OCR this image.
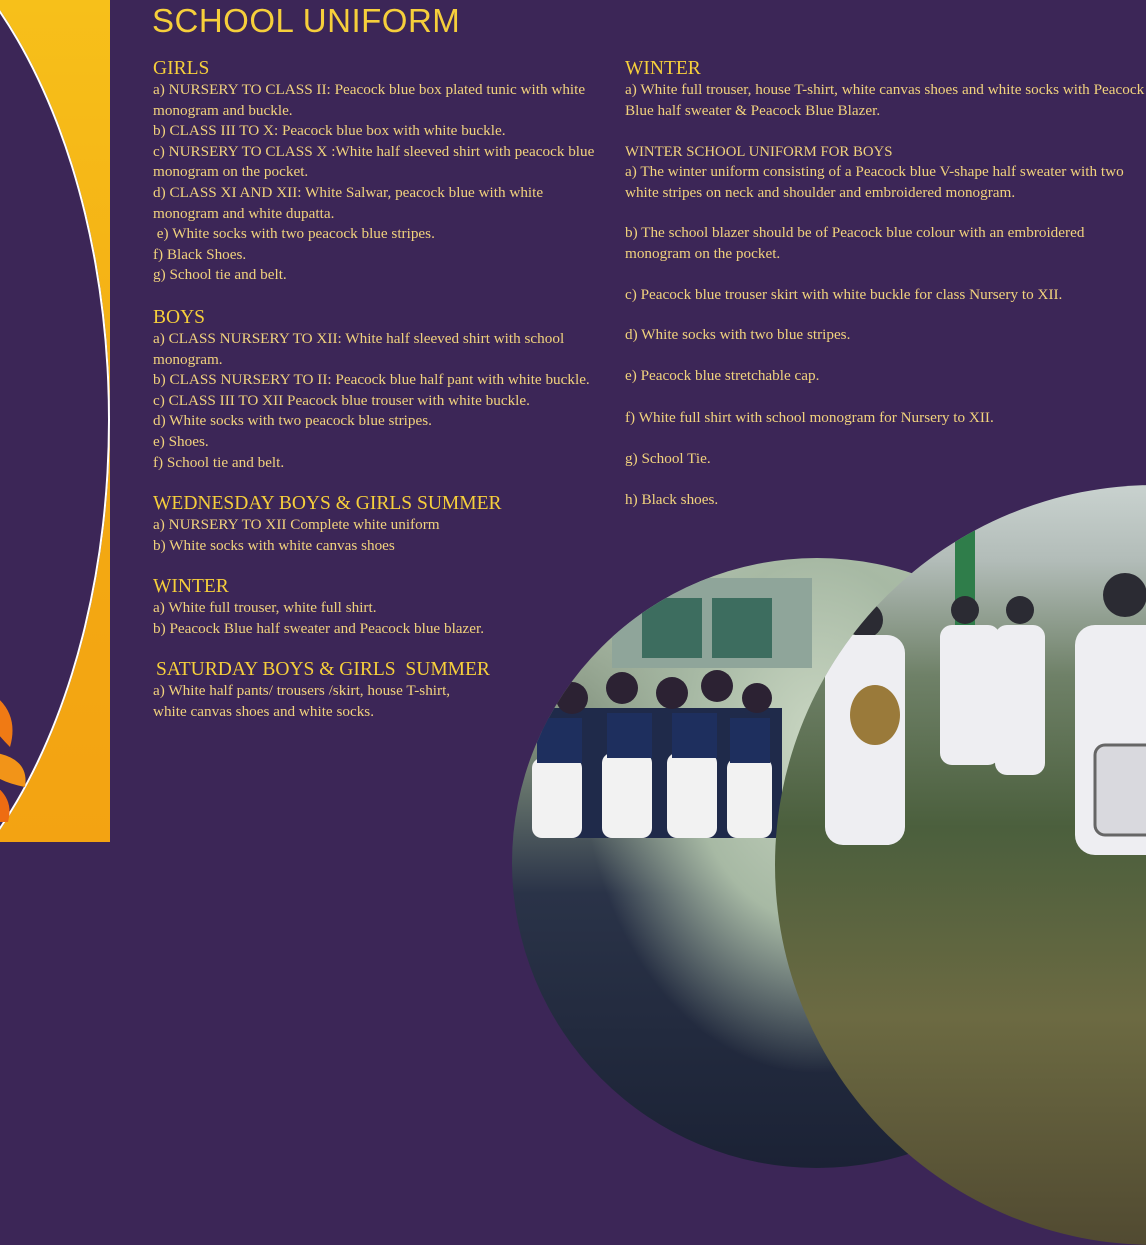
SCHOOL UNIFORM
GIRLS

a) NURSERY TO CLASS II: Peacock blue box plated tunic with white monogram and buckle.

b) CLASS III TO X: Peacock blue box with white buckle.

c) NURSERY TO CLASS X :White half sleeved shirt with peacock blue monogram on the pocket.

d) CLASS XI AND XII: White Salwar, peacock blue with white monogram and white dupatta.

e) White socks with two peacock blue stripes.

f) Black Shoes.

g) School tie and belt.

BOYS

a) CLASS NURSERY TO XII: White half sleeved shirt with school monogram.

b) CLASS NURSERY TO II: Peacock blue half pant with white buckle.

c) CLASS III TO XII Peacock blue trouser with white buckle.

d) White socks with two peacock blue stripes.

e) Shoes.

f) School tie and belt.

WEDNESDAY BOYS & GIRLS SUMMER

a) NURSERY TO XII Complete white uniform

b) White socks with white canvas shoes

WINTER

a) White full trouser, white full shirt.

b) Peacock Blue half sweater and Peacock blue blazer.

SATURDAY BOYS & GIRLS  SUMMER

a) White half pants/ trousers /skirt, house T-shirt, white canvas shoes and white socks.

WINTER

a) White full trouser, house T-shirt, white canvas shoes and white socks with Peacock Blue half sweater & Peacock Blue Blazer.

WINTER SCHOOL UNIFORM FOR BOYS

a) The winter uniform consisting of a Peacock blue V-shape half sweater with two white stripes on neck and shoulder and embroidered monogram.

b) The school blazer should be of Peacock blue colour with an embroidered monogram on the pocket.

c) Peacock blue trouser skirt with white buckle for class Nursery to XII.

d) White socks with two blue stripes.

e) Peacock blue stretchable cap.

f) White full shirt with school monogram for Nursery to XII.

g) School Tie.

h) Black shoes.
